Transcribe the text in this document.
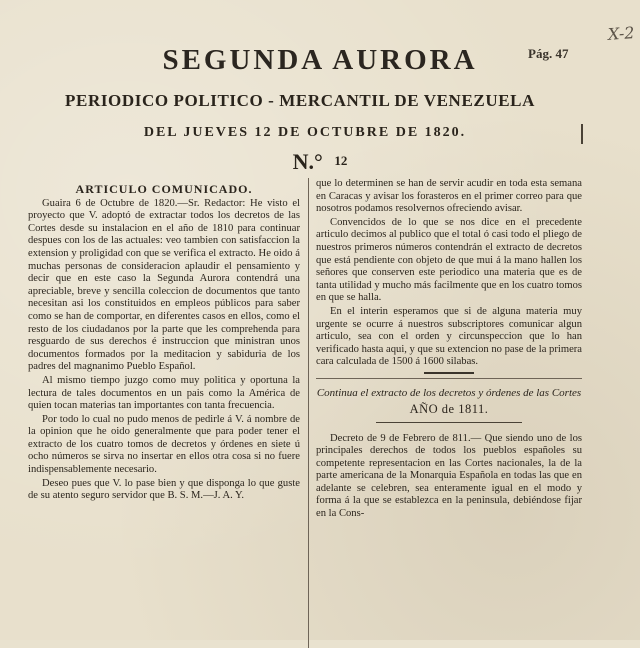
X-2
SEGUNDA AURORA	Pág. 47
PERIODICO POLITICO - MERCANTIL DE VENEZUELA
DEL JUEVES 12 DE OCTUBRE DE 1820.
N.° 12
ARTICULO COMUNICADO.

Guaira 6 de Octubre de 1820.—Sr. Redactor: He visto el proyecto que V. adoptó de extractar todos los decretos de las Cortes desde su instalacion en el año de 1810 para continuar despues con los de las actuales: veo tambien con satisfaccion la extension y proligidad con que se verifica el extracto. He oido á muchas personas de consideracion aplaudir el pensamiento y decir que en este caso la Segunda Aurora contendrá una apreciable, breve y sencilla coleccion de documentos que tanto necesitan asi los constituidos en empleos públicos para saber como se han de comportar, en diferentes casos en ellos, como el resto de los ciudadanos por la parte que les comprehenda para resguardo de sus derechos é instruccion que ministran unos documentos formados por la meditacion y sabiduria de los padres del magnanimo Pueblo Español.

Al mismo tiempo juzgo como muy politica y oportuna la lectura de tales documentos en un pais como la América de quien tocan materias tan importantes con tanta frecuencia.

Por todo lo cual no pudo menos de pedirle á V. á nombre de la opinion que he oido generalmente que para poder tener el extracto de los cuatro tomos de decretos y órdenes en siete ú ocho números se sirva no insertar en ellos otra cosa si no fuere indispensablemente necesario.

Deseo pues que V. lo pase bien y que disponga lo que guste de su atento seguro servidor que B. S. M.—J. A. Y.

que lo determinen se han de servir acudir en toda esta semana en Caracas y avisar los forasteros en el primer correo para que nosotros podamos resolvernos ofreciendo avisar.

Convencidos de lo que se nos dice en el precedente articulo decimos al publico que el total ó casi todo el pliego de nuestros primeros números contendrán el extracto de decretos que está pendiente con objeto de que mui á la mano hallen los señores que conserven este periodico una materia que es de tanta utilidad y mucho más facilmente que en los cuatro tomos en que se halla.

En el interin esperamos que si de alguna materia muy urgente se ocurre á nuestros subscriptores comunicar algun articulo, sea con el orden y circunspeccion que lo han verificado hasta aqui, y que su extencion no pase de la primera cara calculada de 1500 á 1600 silabas.

Continua el extracto de los decretos y órdenes de las Cortes
AÑO de 1811.

Decreto de 9 de Febrero de 811.— Que siendo uno de los principales derechos de todos los pueblos españoles su competente representacion en las Cortes nacionales, la de la parte americana de la Monarquia Española en todas las que en adelante se celebren, sea enteramente igual en el modo y forma á la que se establezca en la peninsula, debiéndose fijar en la Cons-
